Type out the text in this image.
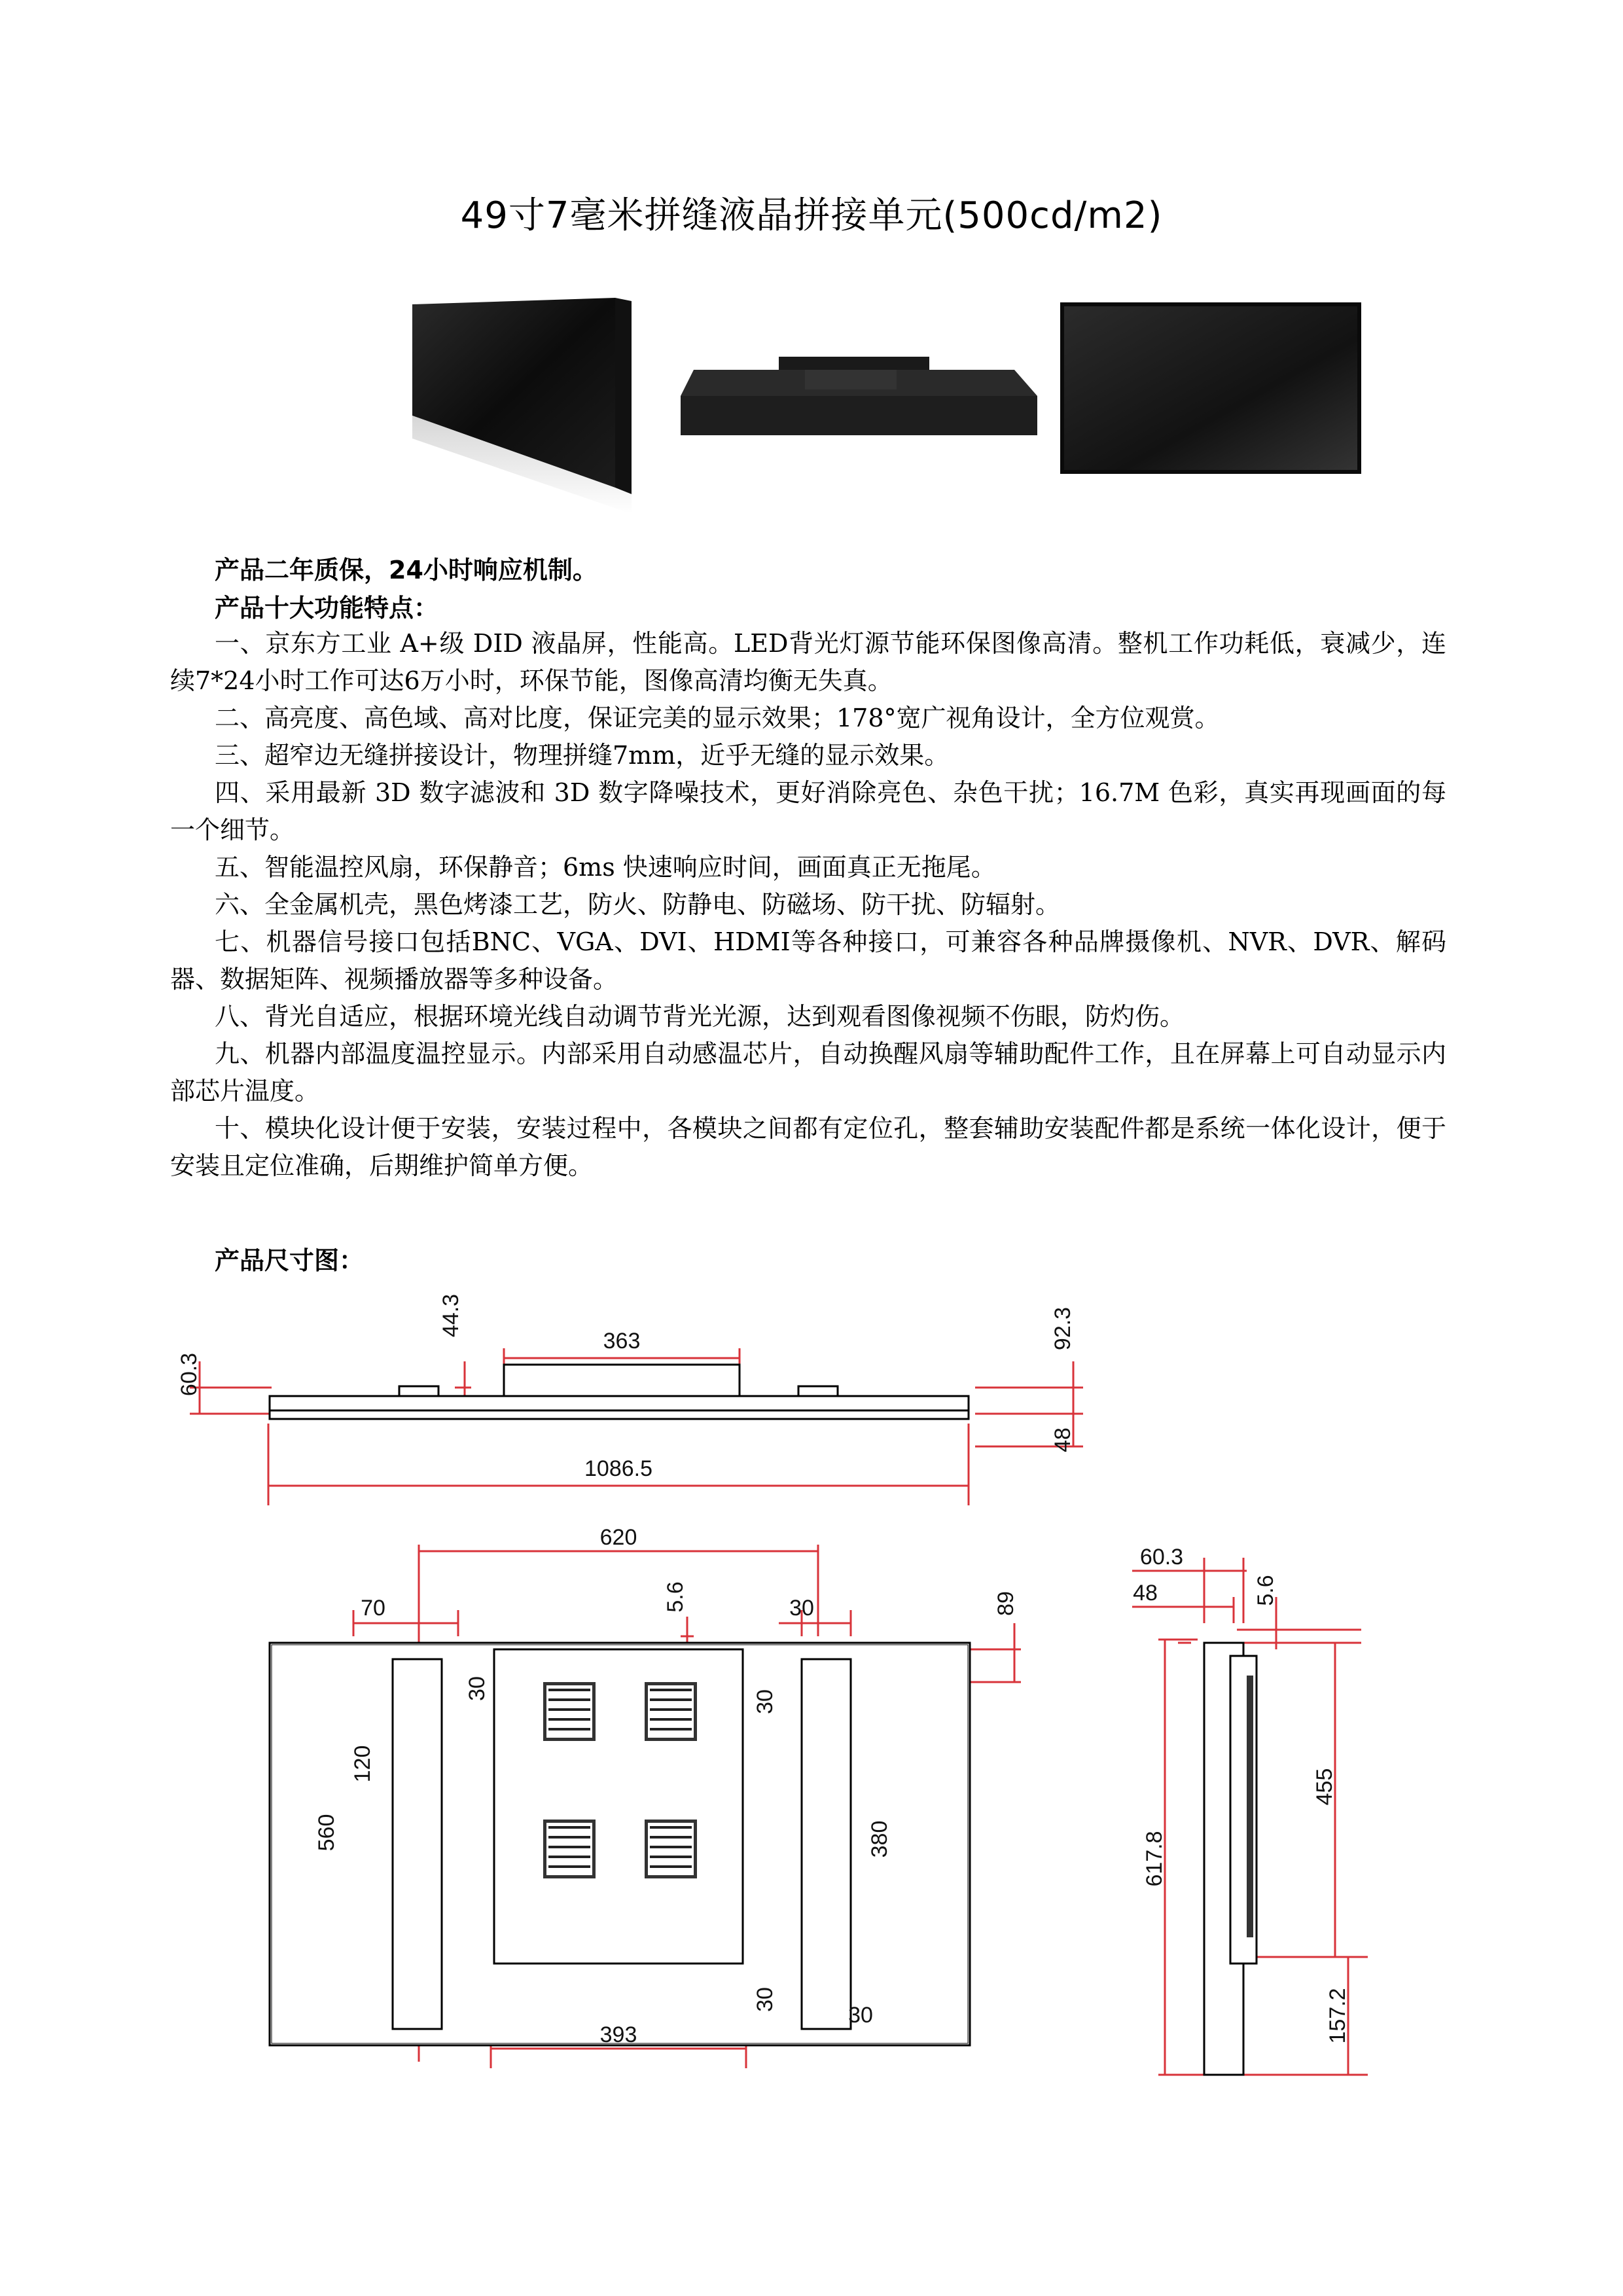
49寸7毫米拼缝液晶拼接单元(500cd/m2)
产品二年质保，24小时响应机制。
产品十大功能特点：

一、京东方工业 A+级 DID 液晶屏，性能高。LED背光灯源节能环保图像高清。整机工作功耗低，衰减少，连续7*24小时工作可达6万小时，环保节能，图像高清均衡无失真。

二、高亮度、高色域、高对比度，保证完美的显示效果；178°宽广视角设计，全方位观赏。

三、超窄边无缝拼接设计，物理拼缝7mm，近乎无缝的显示效果。

四、采用最新 3D 数字滤波和 3D 数字降噪技术，更好消除亮色、杂色干扰；16.7M 色彩，真实再现画面的每一个细节。

五、智能温控风扇，环保静音；6ms 快速响应时间，画面真正无拖尾。

六、全金属机壳，黑色烤漆工艺，防火、防静电、防磁场、防干扰、防辐射。

七、机器信号接口包括BNC、VGA、DVI、HDMI等各种接口，可兼容各种品牌摄像机、NVR、DVR、解码器、数据矩阵、视频播放器等多种设备。

八、背光自适应，根据环境光线自动调节背光光源，达到观看图像视频不伤眼，防灼伤。

九、机器内部温度温控显示。内部采用自动感温芯片，自动换醒风扇等辅助配件工作，且在屏幕上可自动显示内部芯片温度。

十、模块化设计便于安装，安装过程中，各模块之间都有定位孔，整套辅助安装配件都是系统一体化设计，便于安装且定位准确，后期维护简单方便。

产品尺寸图：
60.3
44.3
363	92.3
48
1086.5
620
70	5.6	30	89
30
120
560
30
380
30
30
393
60.3
48	5.6
617.8
455
157.2
